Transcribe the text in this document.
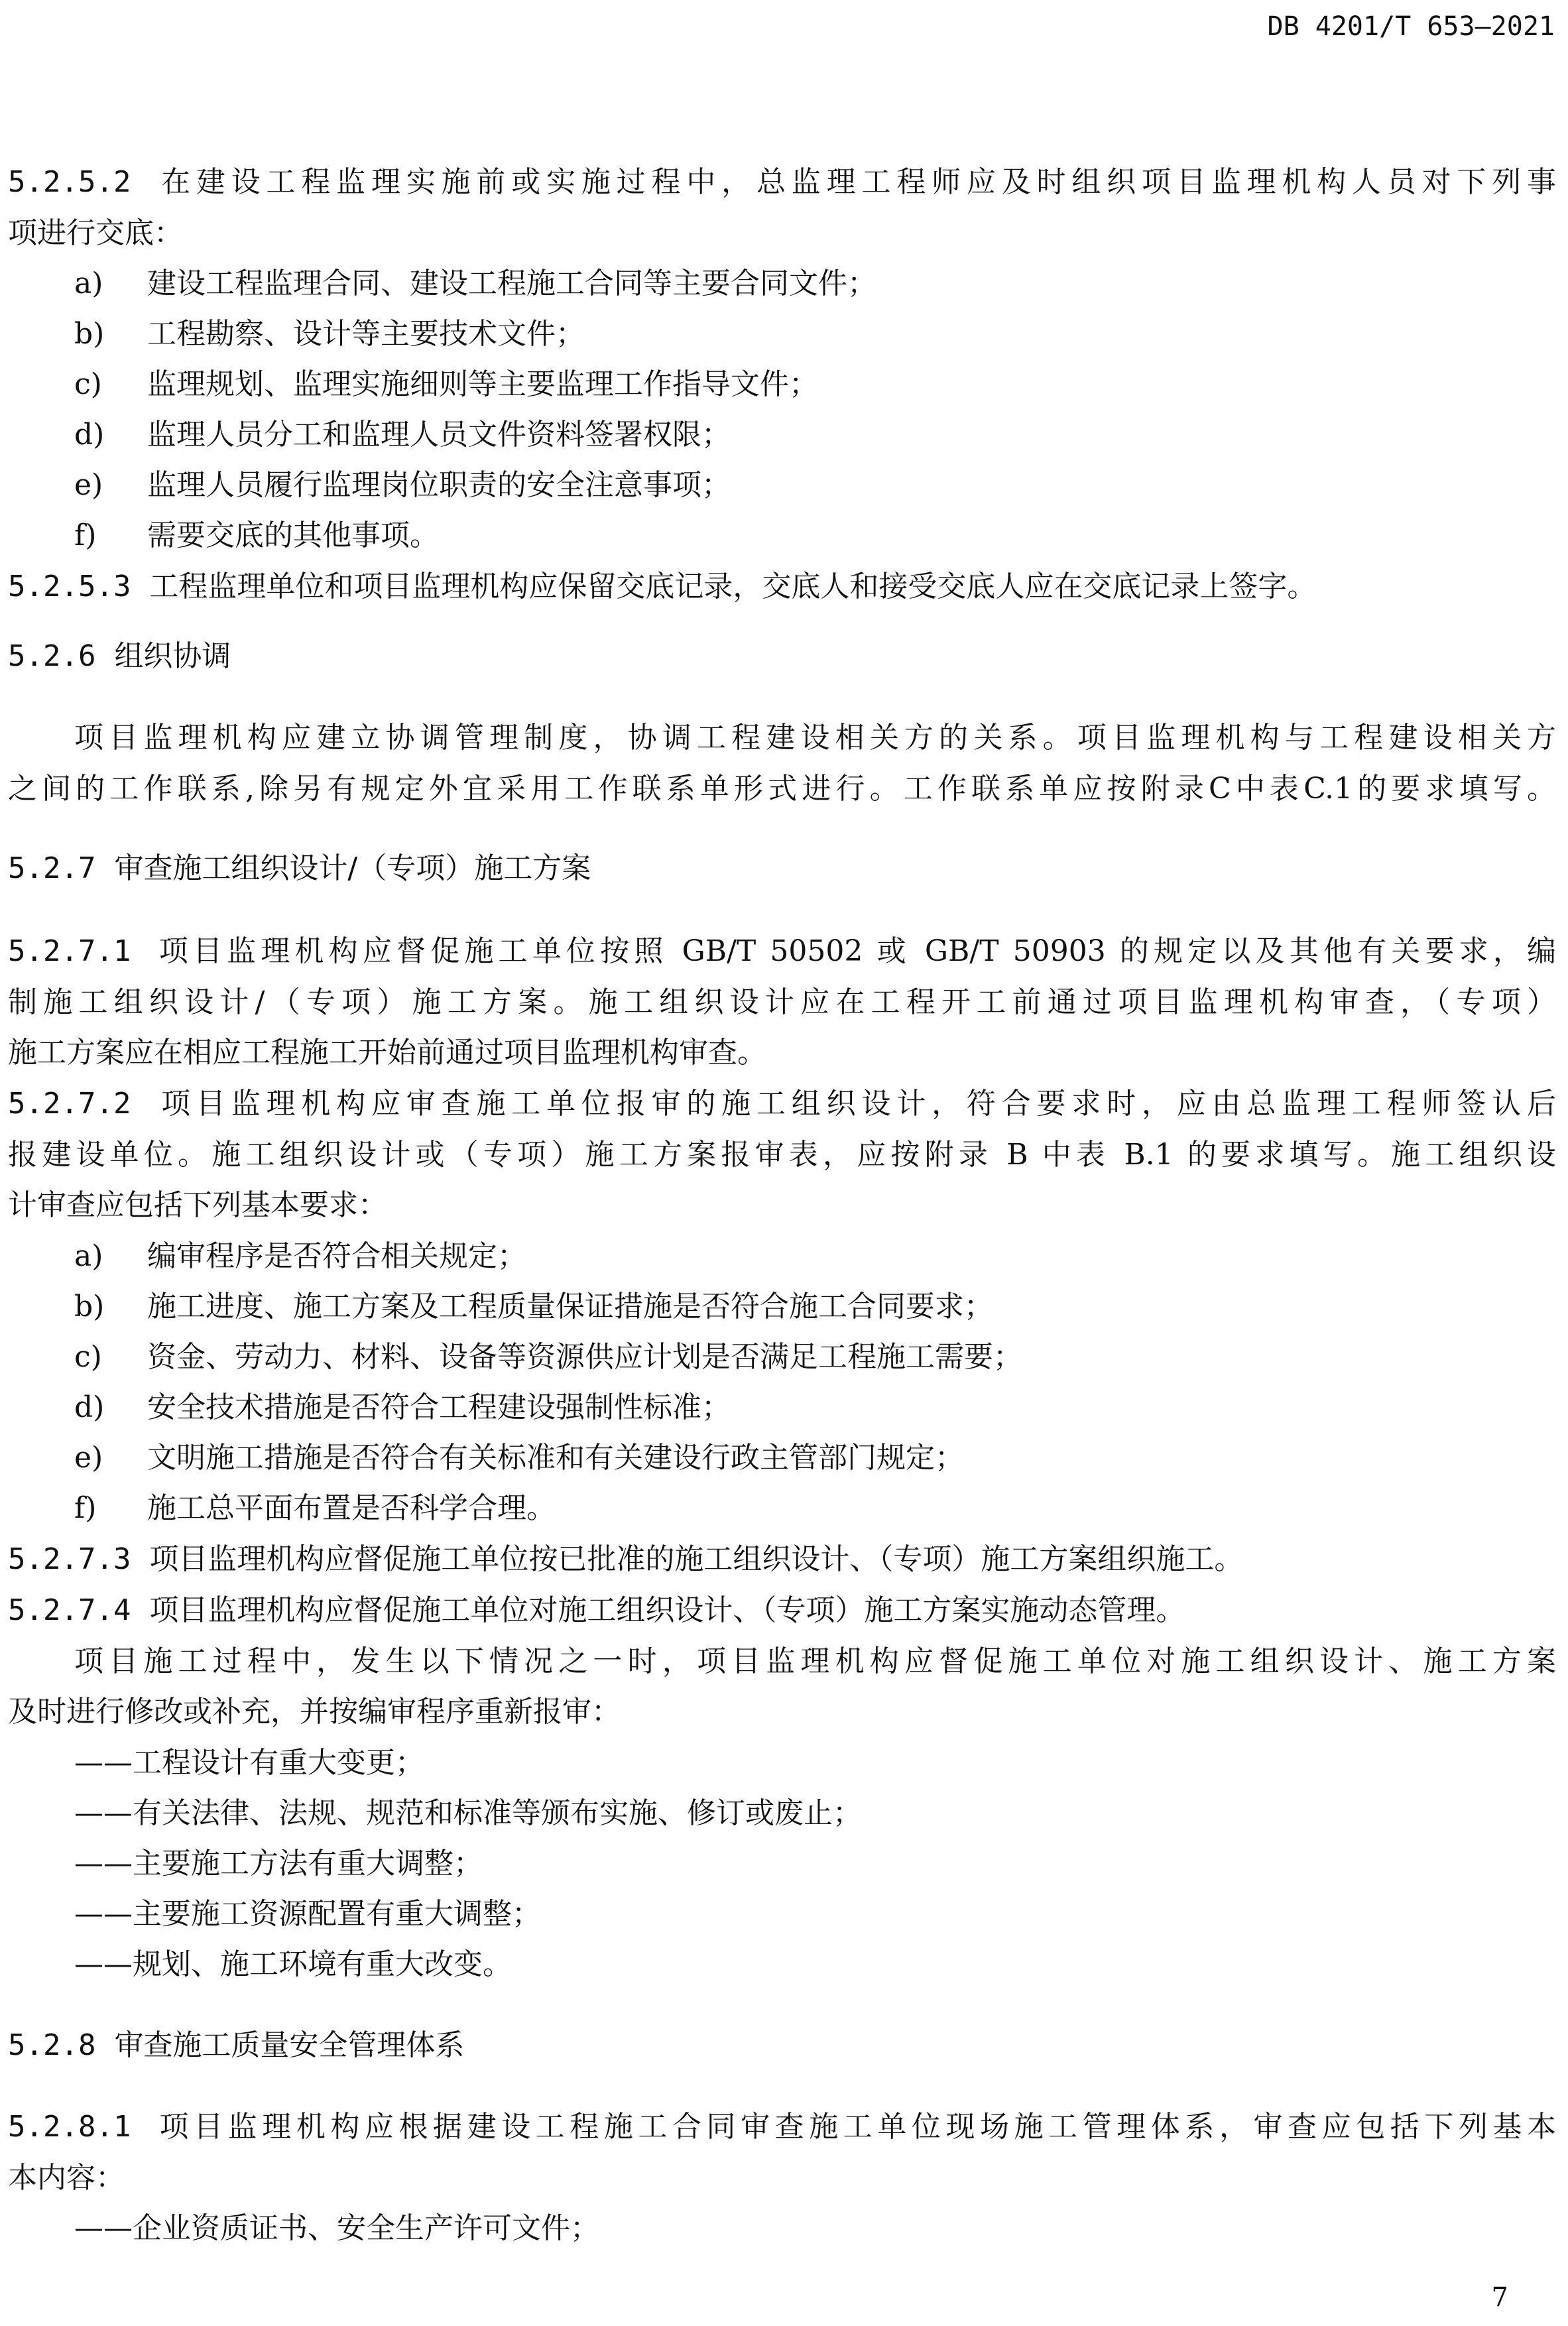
DB 4201/T 653—2021
5.2.5.2 在建设工程监理实施前或实施过程中，总监理工程师应及时组织项目监理机构人员对下列事
项进行交底：
a) 建设工程监理合同、建设工程施工合同等主要合同文件；
b) 工程勘察、设计等主要技术文件；
c) 监理规划、监理实施细则等主要监理工作指导文件；
d) 监理人员分工和监理人员文件资料签署权限；
e) 监理人员履行监理岗位职责的安全注意事项；
f) 需要交底的其他事项。
5.2.5.3 工程监理单位和项目监理机构应保留交底记录，交底人和接受交底人应在交底记录上签字。
5.2.6 组织协调
项目监理机构应建立协调管理制度，协调工程建设相关方的关系。项目监理机构与工程建设相关方
之间的工作联系,除另有规定外宜采用工作联系单形式进行。工作联系单应按附录C中表C.1的要求填写。
5.2.7 审查施工组织设计/（专项）施工方案
5.2.7.1 项目监理机构应督促施工单位按照 GB/T 50502 或 GB/T 50903 的规定以及其他有关要求，编
制施工组织设计/（专项）施工方案。施工组织设计应在工程开工前通过项目监理机构审查，（专项）
施工方案应在相应工程施工开始前通过项目监理机构审查。
5.2.7.2 项目监理机构应审查施工单位报审的施工组织设计，符合要求时，应由总监理工程师签认后
报建设单位。施工组织设计或（专项）施工方案报审表，应按附录 B 中表 B.1 的要求填写。施工组织设
计审查应包括下列基本要求：
a) 编审程序是否符合相关规定；
b) 施工进度、施工方案及工程质量保证措施是否符合施工合同要求；
c) 资金、劳动力、材料、设备等资源供应计划是否满足工程施工需要；
d) 安全技术措施是否符合工程建设强制性标准；
e) 文明施工措施是否符合有关标准和有关建设行政主管部门规定；
f) 施工总平面布置是否科学合理。
5.2.7.3 项目监理机构应督促施工单位按已批准的施工组织设计、（专项）施工方案组织施工。
5.2.7.4 项目监理机构应督促施工单位对施工组织设计、（专项）施工方案实施动态管理。
项目施工过程中，发生以下情况之一时，项目监理机构应督促施工单位对施工组织设计、施工方案
及时进行修改或补充，并按编审程序重新报审：
——工程设计有重大变更；
——有关法律、法规、规范和标准等颁布实施、修订或废止；
——主要施工方法有重大调整；
——主要施工资源配置有重大调整；
——规划、施工环境有重大改变。
5.2.8 审查施工质量安全管理体系
5.2.8.1 项目监理机构应根据建设工程施工合同审查施工单位现场施工管理体系，审查应包括下列基本
本内容：
——企业资质证书、安全生产许可文件；
7
